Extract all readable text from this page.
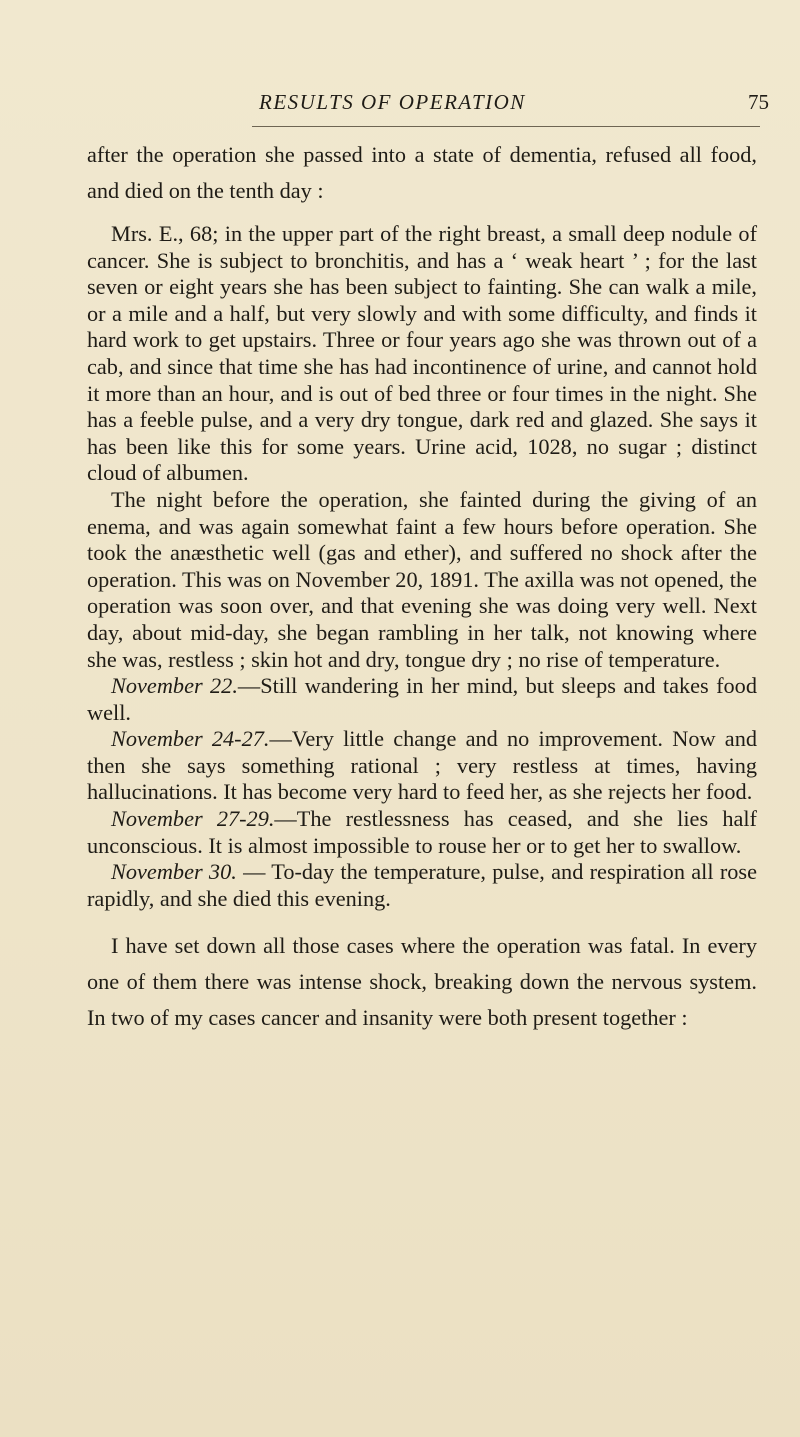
RESULTS OF OPERATION	75

after the operation she passed into a state of dementia, refused all food, and died on the tenth day :

Mrs. E., 68; in the upper part of the right breast, a small deep nodule of cancer. She is subject to bronchitis, and has a ‘ weak heart ’ ; for the last seven or eight years she has been subject to fainting. She can walk a mile, or a mile and a half, but very slowly and with some difficulty, and finds it hard work to get upstairs. Three or four years ago she was thrown out of a cab, and since that time she has had incontinence of urine, and cannot hold it more than an hour, and is out of bed three or four times in the night. She has a feeble pulse, and a very dry tongue, dark red and glazed. She says it has been like this for some years. Urine acid, 1028, no sugar ; distinct cloud of albumen.

The night before the operation, she fainted during the giving of an enema, and was again somewhat faint a few hours before operation. She took the anæsthetic well (gas and ether), and suffered no shock after the operation. This was on November 20, 1891. The axilla was not opened, the operation was soon over, and that evening she was doing very well. Next day, about mid-day, she began rambling in her talk, not knowing where she was, restless ; skin hot and dry, tongue dry ; no rise of temperature.

November 22.—Still wandering in her mind, but sleeps and takes food well.

November 24-27.—Very little change and no improvement. Now and then she says something rational ; very restless at times, having hallucinations. It has become very hard to feed her, as she rejects her food.

November 27-29.—The restlessness has ceased, and she lies half unconscious. It is almost impossible to rouse her or to get her to swallow.

November 30. — To-day the temperature, pulse, and respiration all rose rapidly, and she died this evening.

I have set down all those cases where the operation was fatal. In every one of them there was intense shock, breaking down the nervous system. In two of my cases cancer and insanity were both present together :
